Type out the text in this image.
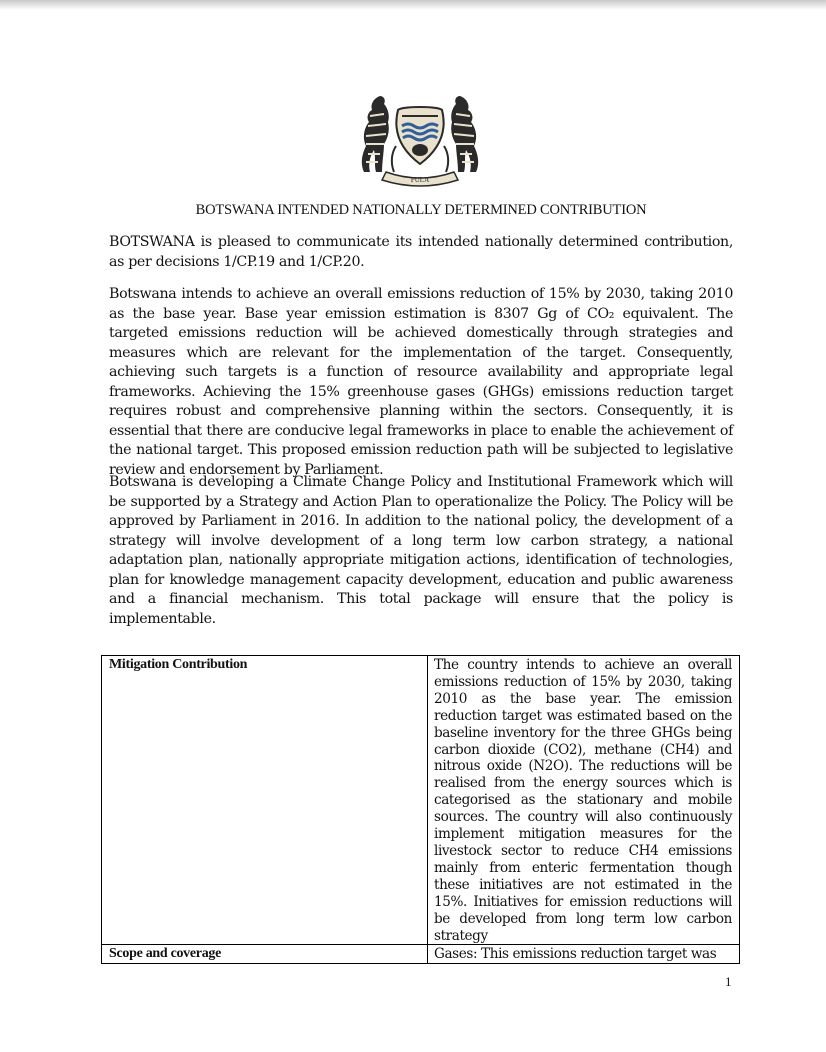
PULA
BOTSWANA INTENDED NATIONALLY DETERMINED CONTRIBUTION

BOTSWANA is pleased to communicate its intended nationally determined contribution, as per decisions 1/CP.19 and 1/CP.20.

Botswana intends to achieve an overall emissions reduction of 15% by 2030, taking 2010 as the base year. Base year emission estimation is 8307 Gg of CO₂ equivalent. The targeted emissions reduction will be achieved domestically through strategies and measures which are relevant for the implementation of the target. Consequently, achieving such targets is a function of resource availability and appropriate legal frameworks. Achieving the 15% greenhouse gases (GHGs) emissions reduction target requires robust and comprehensive planning within the sectors. Consequently, it is essential that there are conducive legal frameworks in place to enable the achievement of the national target. This proposed emission reduction path will be subjected to legislative review and endorsement by Parliament.

Botswana is developing a Climate Change Policy and Institutional Framework which will be supported by a Strategy and Action Plan to operationalize the Policy. The Policy will be approved by Parliament in 2016. In addition to the national policy, the development of a strategy will involve development of a long term low carbon strategy, a national adaptation plan, nationally appropriate mitigation actions, identification of technologies, plan for knowledge management capacity development, education and public awareness and a financial mechanism. This total package will ensure that the policy is implementable.

Mitigation Contribution	The country intends to achieve an overall emissions reduction of 15% by 2030, taking 2010 as the base year. The emission reduction target was estimated based on the baseline inventory for the three GHGs being carbon dioxide (CO2), methane (CH4) and nitrous oxide (N2O). The reductions will be realised from the energy sources which is categorised as the stationary and mobile sources. The country will also continuously implement mitigation measures for the livestock sector to reduce CH4 emissions mainly from enteric fermentation though these initiatives are not estimated in the 15%. Initiatives for emission reductions will be developed from long term low carbon strategy
Scope and coverage	Gases: This emissions reduction target was
1
